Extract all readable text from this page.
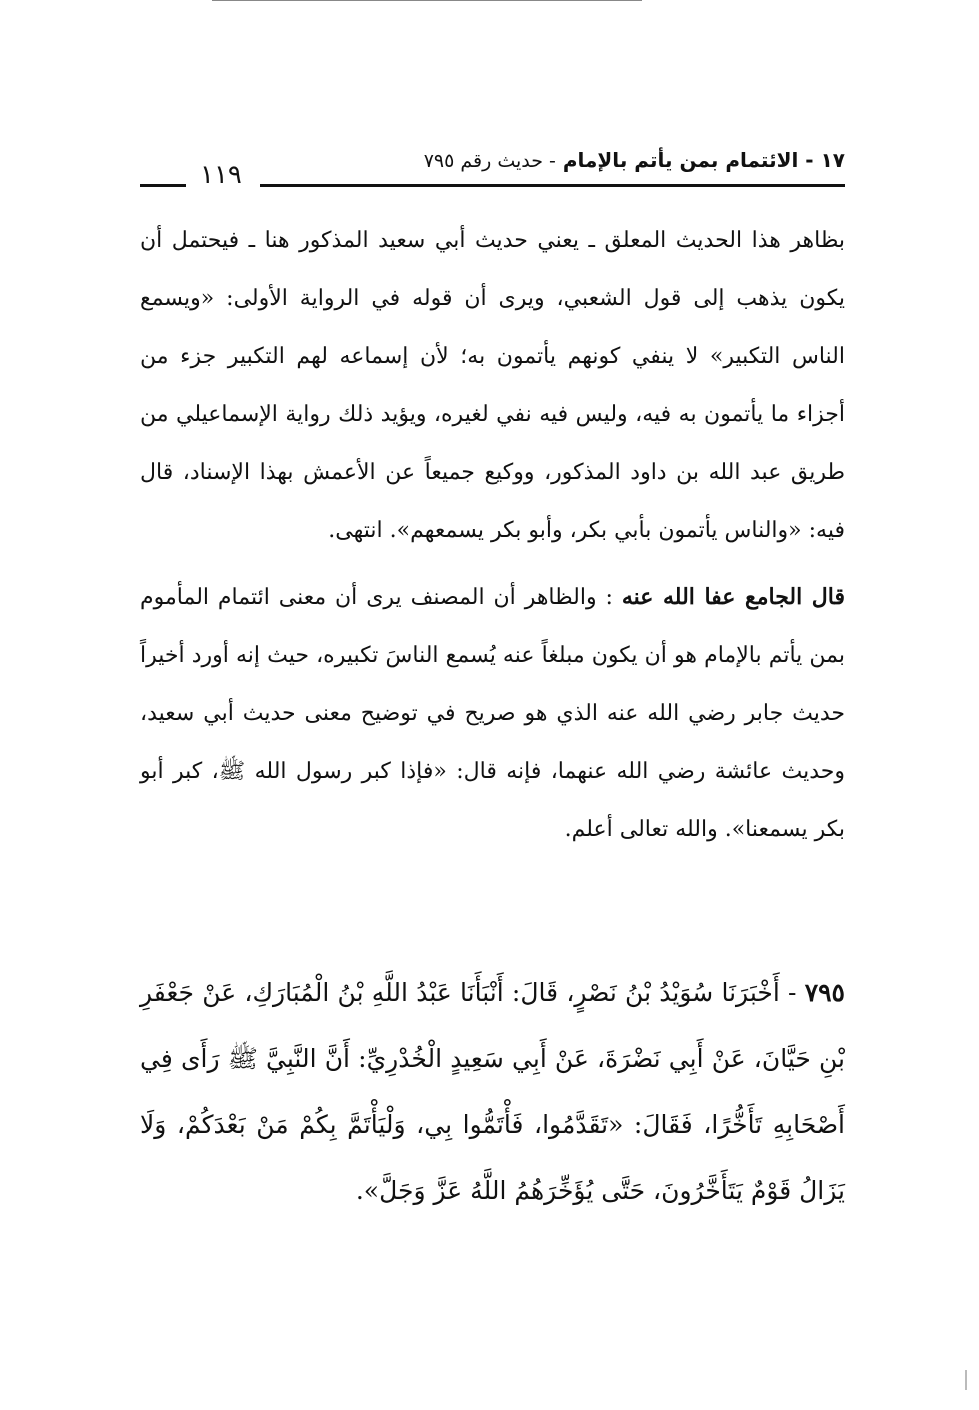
١٧ - الائتمام بمن يأتم بالإمام - حديث رقم ٧٩٥
١١٩

بظاهر هذا الحديث المعلق ـ يعني حديث أبي سعيد المذكور هنا ـ فيحتمل أن يكون يذهب إلى قول الشعبي، ويرى أن قوله في الرواية الأولى: «ويسمع الناس التكبير» لا ينفي كونهم يأتمون به؛ لأن إسماعه لهم التكبير جزء من أجزاء ما يأتمون به فيه، وليس فيه نفي لغيره، ويؤيد ذلك رواية الإسماعيلي من طريق عبد الله بن داود المذكور، ووكيع جميعاً عن الأعمش بهذا الإسناد، قال فيه: «والناس يأتمون بأبي بكر، وأبو بكر يسمعهم». انتهى.

قال الجامع عفا الله عنه : والظاهر أن المصنف يرى أن معنى ائتمام المأموم بمن يأتم بالإمام هو أن يكون مبلغاً عنه يُسمع الناسَ تكبيره، حيث إنه أورد أخيراً حديث جابر رضي الله عنه الذي هو صريح في توضيح معنى حديث أبي سعيد، وحديث عائشة رضي الله عنهما، فإنه قال: «فإذا كبر رسول الله ﷺ، كبر أبو بكر يسمعنا». والله تعالى أعلم.

٧٩٥ - أَخْبَرَنَا سُوَيْدُ بْنُ نَصْرٍ، قَالَ: أَنْبَأَنَا عَبْدُ اللَّهِ بْنُ الْمُبَارَكِ، عَنْ جَعْفَرِ بْنِ حَيَّانَ، عَنْ أَبِي نَضْرَةَ، عَنْ أَبِي سَعِيدٍ الْخُدْرِيِّ: أَنَّ النَّبِيَّ ﷺ رَأَى فِي أَصْحَابِهِ تَأَخُّرًا، فَقَالَ: «تَقَدَّمُوا، فَأْتَمُّوا بِي، وَلْيَأْتَمَّ بِكُمْ مَنْ بَعْدَكُمْ، وَلَا يَزَالُ قَوْمٌ يَتَأَخَّرُونَ، حَتَّى يُؤَخِّرَهُمُ اللَّهُ عَزَّ وَجَلَّ».
